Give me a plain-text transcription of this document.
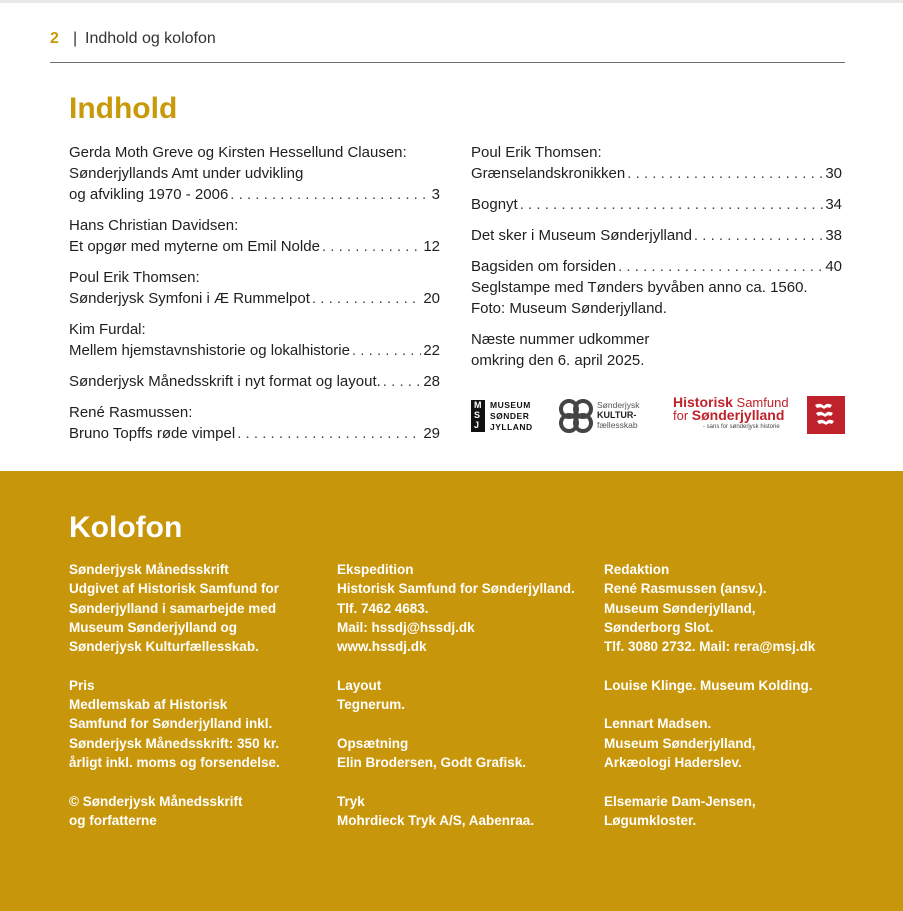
2 | Indhold og kolofon
Indhold
Gerda Moth Greve og Kirsten Hessellund Clausen:
Sønderjyllands Amt under udvikling
og afvikling 1970 - 2006 . . .	3
Hans Christian Davidsen:
Et opgør med myterne om Emil Nolde . . .	12
Poul Erik Thomsen:
Sønderjysk Symfoni i Æ Rummelpot . . .	20
Kim Furdal:
Mellem hjemstavnshistorie og lokalhistorie . . .	22
Sønderjysk Månedsskrift i nyt format og layout. . . .	28
René Rasmussen:
Bruno Topffs røde vimpel . . .	29
Poul Erik Thomsen:
Grænselandskronikken . . .	30
Bognyt . . .	34
Det sker i Museum Sønderjylland . . .	38
Bagsiden om forsiden . . .	40
Seglstampe med Tønders byvåben anno ca. 1560.
Foto: Museum Sønderjylland.
Næste nummer udkommer
omkring den 6. april 2025.
M
S
J
MUSEUM
SØNDER
JYLLAND
Sønderjysk
KULTUR-
fællesskab
Historisk Samfund
for Sønderjylland
- sans for sønderjysk historie
Kolofon

Sønderjysk Månedsskrift
Udgivet af Historisk Samfund for
Sønderjylland i samarbejde med
Museum Sønderjylland og
Sønderjysk Kulturfællesskab.

Pris
Medlemskab af Historisk
Samfund for Sønderjylland inkl.
Sønderjysk Månedsskrift: 350 kr.
årligt inkl. moms og forsendelse.

© Sønderjysk Månedsskrift
og forfatterne

Ekspedition
Historisk Samfund for Sønderjylland.
Tlf. 7462 4683.
Mail: hssdj@hssdj.dk
www.hssdj.dk

Layout
Tegnerum.

Opsætning
Elin Brodersen, Godt Grafisk.

Tryk
Mohrdieck Tryk A/S, Aabenraa.

Redaktion
René Rasmussen (ansv.).
Museum Sønderjylland,
Sønderborg Slot.
Tlf. 3080 2732. Mail: rera@msj.dk

Louise Klinge. Museum Kolding.

Lennart Madsen.
Museum Sønderjylland,
Arkæologi Haderslev.

Elsemarie Dam-Jensen,
Løgumkloster.
